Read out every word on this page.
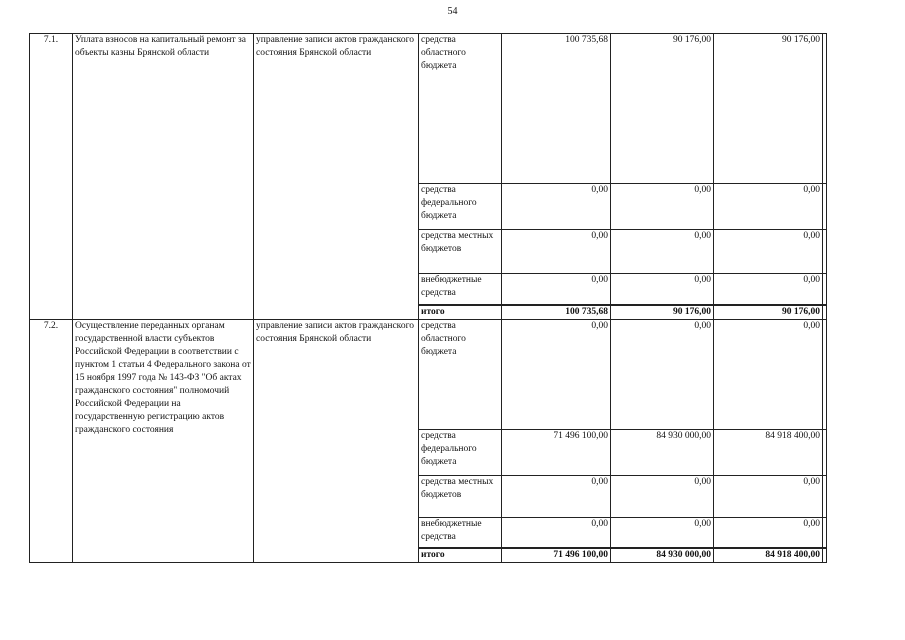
54
7.1.	Уплата взносов на капитальный ремонт за объекты казны Брянской области	управление записи актов гражданского состояния Брянской области	средства областного бюджета	100 735,68	90 176,00	90 176,00	
			средства федерального бюджета	0,00	0,00	0,00	
			средства местных бюджетов	0,00	0,00	0,00	
			внебюджетные средства	0,00	0,00	0,00	
			итого	100 735,68	90 176,00	90 176,00	
7.2.	Осуществление переданных органам государственной власти субъектов Российской Федерации в соответствии с пунктом 1 статьи 4 Федерального закона от 15 ноября 1997 года № 143-ФЗ "Об актах гражданского состояния" полномочий Российской Федерации на государственную регистрацию актов гражданского состояния	управление записи актов гражданского состояния Брянской области	средства областного бюджета	0,00	0,00	0,00	
			средства федерального бюджета	71 496 100,00	84 930 000,00	84 918 400,00	
			средства местных бюджетов	0,00	0,00	0,00	
			внебюджетные средства	0,00	0,00	0,00	
			итого	71 496 100,00	84 930 000,00	84 918 400,00	
